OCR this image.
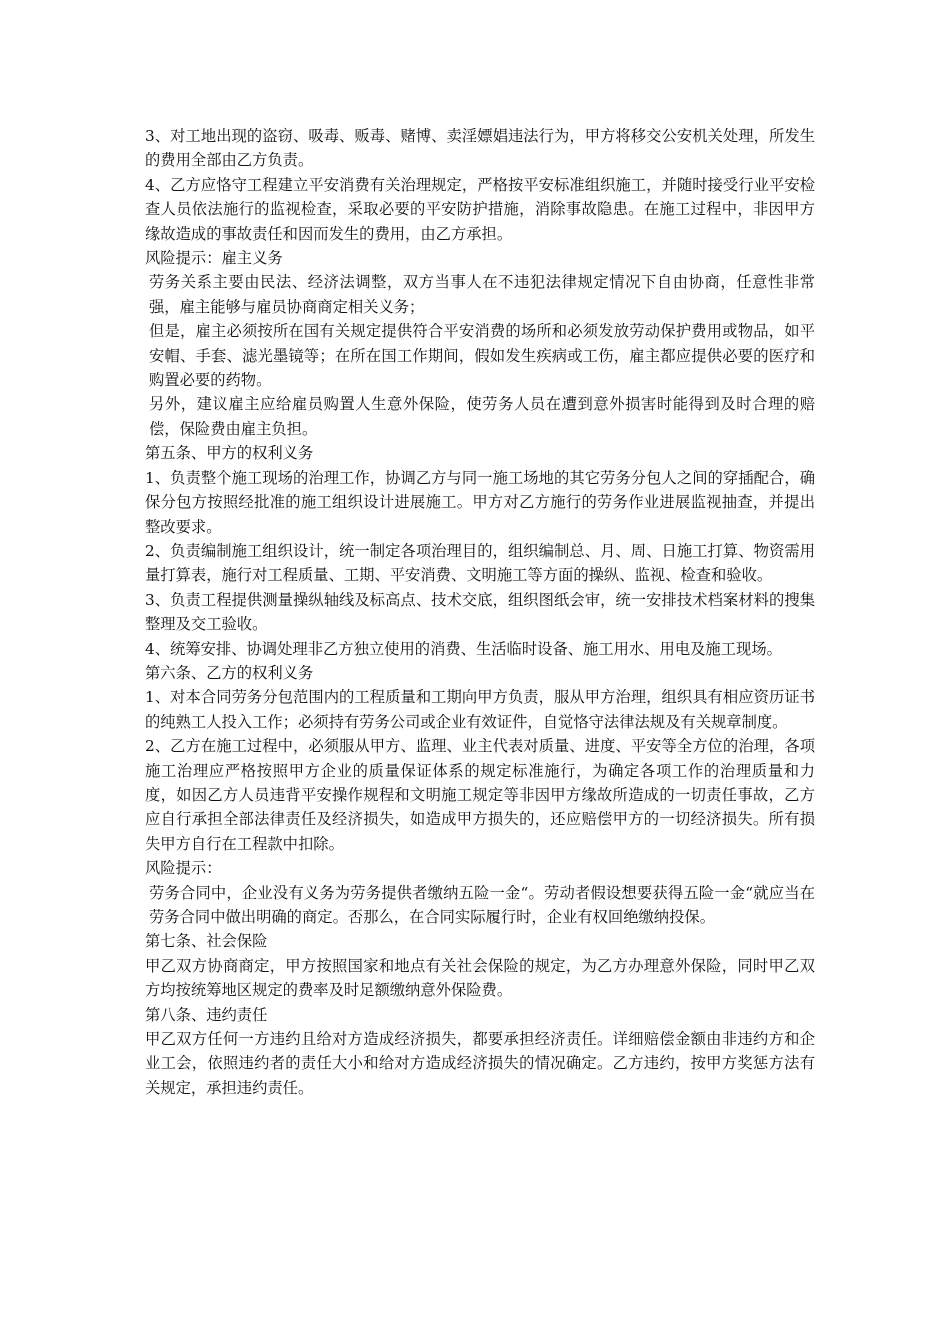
3、对工地出现的盗窃、吸毒、贩毒、赌博、卖淫嫖娼违法行为，甲方将移交公安机关处理，所发生的费用全部由乙方负责。

4、乙方应恪守工程建立平安消费有关治理规定，严格按平安标准组织施工，并随时接受行业平安检查人员依法施行的监视检查，采取必要的平安防护措施，消除事故隐患。在施工过程中，非因甲方缘故造成的事故责任和因而发生的费用，由乙方承担。

风险提示：雇主义务

劳务关系主要由民法、经济法调整，双方当事人在不违犯法律规定情况下自由协商，任意性非常强，雇主能够与雇员协商商定相关义务；

但是，雇主必须按所在国有关规定提供符合平安消费的场所和必须发放劳动保护费用或物品，如平安帽、手套、滤光墨镜等；在所在国工作期间，假如发生疾病或工伤，雇主都应提供必要的医疗和购置必要的药物。

另外，建议雇主应给雇员购置人生意外保险，使劳务人员在遭到意外损害时能得到及时合理的赔偿，保险费由雇主负担。

第五条、甲方的权利义务

1、负责整个施工现场的治理工作，协调乙方与同一施工场地的其它劳务分包人之间的穿插配合，确保分包方按照经批准的施工组织设计进展施工。甲方对乙方施行的劳务作业进展监视抽查，并提出整改要求。

2、负责编制施工组织设计，统一制定各项治理目的，组织编制总、月、周、日施工打算、物资需用量打算表，施行对工程质量、工期、平安消费、文明施工等方面的操纵、监视、检查和验收。

3、负责工程提供测量操纵轴线及标高点、技术交底，组织图纸会审，统一安排技术档案材料的搜集整理及交工验收。

4、统筹安排、协调处理非乙方独立使用的消费、生活临时设备、施工用水、用电及施工现场。

第六条、乙方的权利义务

1、对本合同劳务分包范围内的工程质量和工期向甲方负责，服从甲方治理，组织具有相应资历证书的纯熟工人投入工作；必须持有劳务公司或企业有效证件，自觉恪守法律法规及有关规章制度。

2、乙方在施工过程中，必须服从甲方、监理、业主代表对质量、进度、平安等全方位的治理，各项施工治理应严格按照甲方企业的质量保证体系的规定标准施行，为确定各项工作的治理质量和力度，如因乙方人员违背平安操作规程和文明施工规定等非因甲方缘故所造成的一切责任事故，乙方应自行承担全部法律责任及经济损失，如造成甲方损失的，还应赔偿甲方的一切经济损失。所有损失甲方自行在工程款中扣除。

风险提示：

劳务合同中，企业没有义务为劳务提供者缴纳五险一金“。劳动者假设想要获得五险一金“就应当在劳务合同中做出明确的商定。否那么，在合同实际履行时，企业有权回绝缴纳投保。

第七条、社会保险

甲乙双方协商商定，甲方按照国家和地点有关社会保险的规定，为乙方办理意外保险，同时甲乙双方均按统筹地区规定的费率及时足额缴纳意外保险费。

第八条、违约责任

甲乙双方任何一方违约且给对方造成经济损失，都要承担经济责任。详细赔偿金额由非违约方和企业工会，依照违约者的责任大小和给对方造成经济损失的情况确定。乙方违约，按甲方奖惩方法有关规定，承担违约责任。
